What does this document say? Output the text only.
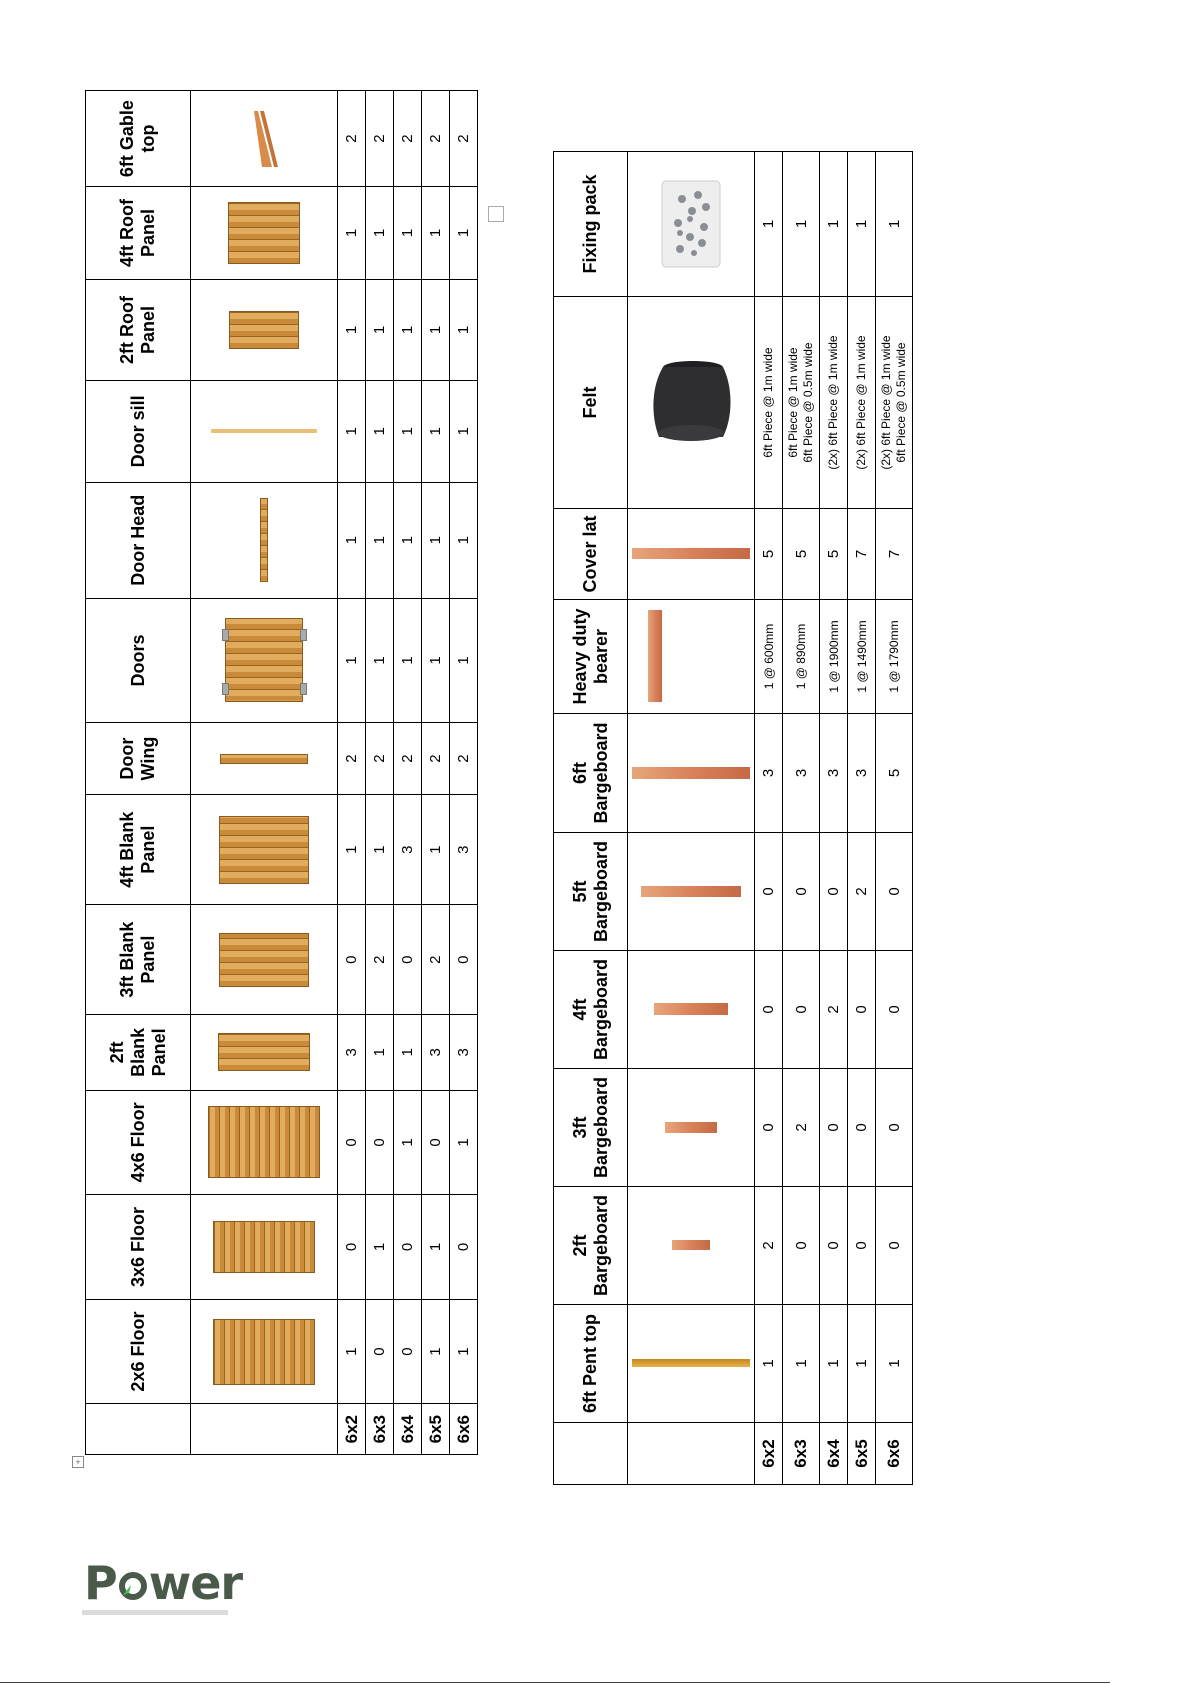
	2x6 Floor	3x6 Floor	4x6 Floor	2ft Blank Panel	3ft Blank Panel	4ft Blank Panel	Door Wing	Doors	Door Head	Door sill	2ft Roof Panel	4ft Roof Panel	6ft Gable top

6x2	1	0	0	3	0	1	2	1	1	1	1	1	2
6x3	0	1	0	1	2	1	2	1	1	1	1	1	2
6x4	0	0	1	1	0	3	2	1	1	1	1	1	2
6x5	1	1	0	3	2	1	2	1	1	1	1	1	2
6x6	1	0	1	3	0	3	2	1	1	1	1	1	2
+
	6ft Pent top	2ft Bargeboard	3ft Bargeboard	4ft Bargeboard	5ft Bargeboard	6ft Bargeboard	Heavy duty bearer	Cover lat	Felt	Fixing pack

6x2	1	2	0	0	0	3	1 @ 600mm	5	6ft Piece @ 1m wide	1
6x3	1	0	2	0	0	3	1 @ 890mm	5	6ft Piece @ 1m wide 6ft Piece @ 0.5m wide	1
6x4	1	0	0	2	0	3	1 @ 1900mm	5	(2x) 6ft Piece @ 1m wide	1
6x5	1	0	0	0	2	3	1 @ 1490mm	7	(2x) 6ft Piece @ 1m wide	1
6x6	1	0	0	0	0	5	1 @ 1790mm	7	(2x) 6ft Piece @ 1m wide 6ft Piece @ 0.5m wide	1
P wer
